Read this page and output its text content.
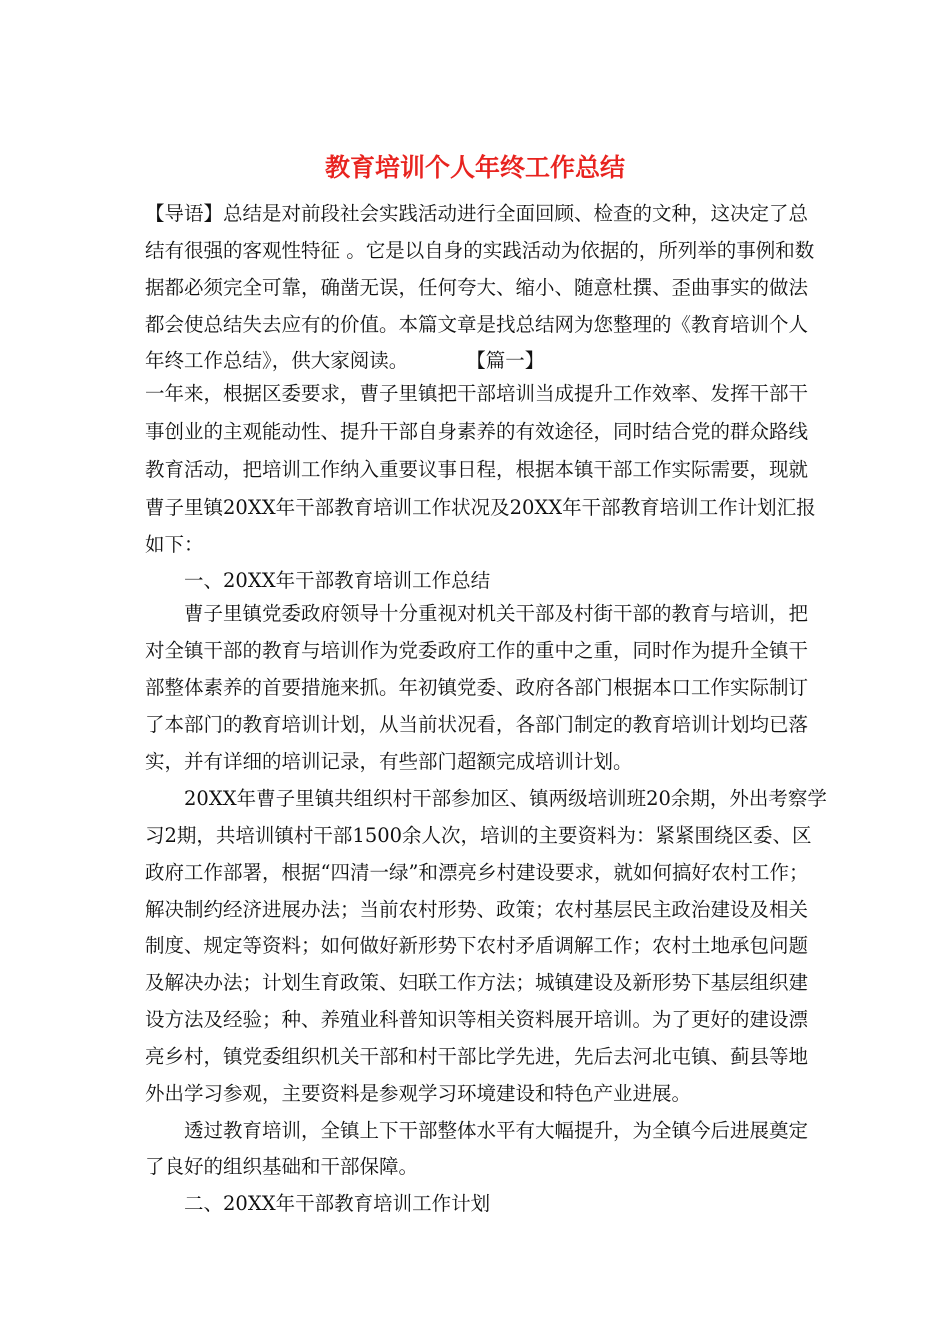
教育培训个人年终工作总结

【导语】总结是对前段社会实践活动进行全面回顾、检查的文种，这决定了总

结有很强的客观性特征 。它是以自身的实践活动为依据的，所列举的事例和数

据都必须完全可靠，确凿无误，任何夸大、缩小、随意杜撰、歪曲事实的做法

都会使总结失去应有的价值。本篇文章是找总结网为您整理的《教育培训个人

年终工作总结》，供大家阅读。	【篇一】

一年来，根据区委要求，曹子里镇把干部培训当成提升工作效率、发挥干部干

事创业的主观能动性、提升干部自身素养的有效途径，同时结合党的群众路线

教育活动，把培训工作纳入重要议事日程，根据本镇干部工作实际需要，现就

曹子里镇20XX年干部教育培训工作状况及20XX年干部教育培训工作计划汇报

如下：

一、20XX年干部教育培训工作总结

曹子里镇党委政府领导十分重视对机关干部及村街干部的教育与培训，把

对全镇干部的教育与培训作为党委政府工作的重中之重，同时作为提升全镇干

部整体素养的首要措施来抓。年初镇党委、政府各部门根据本口工作实际制订

了本部门的教育培训计划，从当前状况看，各部门制定的教育培训计划均已落

实，并有详细的培训记录，有些部门超额完成培训计划。

20XX年曹子里镇共组织村干部参加区、镇两级培训班20余期，外出考察学

习2期，共培训镇村干部1500余人次，培训的主要资料为：紧紧围绕区委、区

政府工作部署，根据“四清一绿”和漂亮乡村建设要求，就如何搞好农村工作；

解决制约经济进展办法；当前农村形势、政策；农村基层民主政治建设及相关

制度、规定等资料；如何做好新形势下农村矛盾调解工作；农村土地承包问题

及解决办法；计划生育政策、妇联工作方法；城镇建设及新形势下基层组织建

设方法及经验；种、养殖业科普知识等相关资料展开培训。为了更好的建设漂

亮乡村，镇党委组织机关干部和村干部比学先进，先后去河北屯镇、蓟县等地

外出学习参观，主要资料是参观学习环境建设和特色产业进展。

透过教育培训，全镇上下干部整体水平有大幅提升，为全镇今后进展奠定

了良好的组织基础和干部保障。

二、20XX年干部教育培训工作计划
